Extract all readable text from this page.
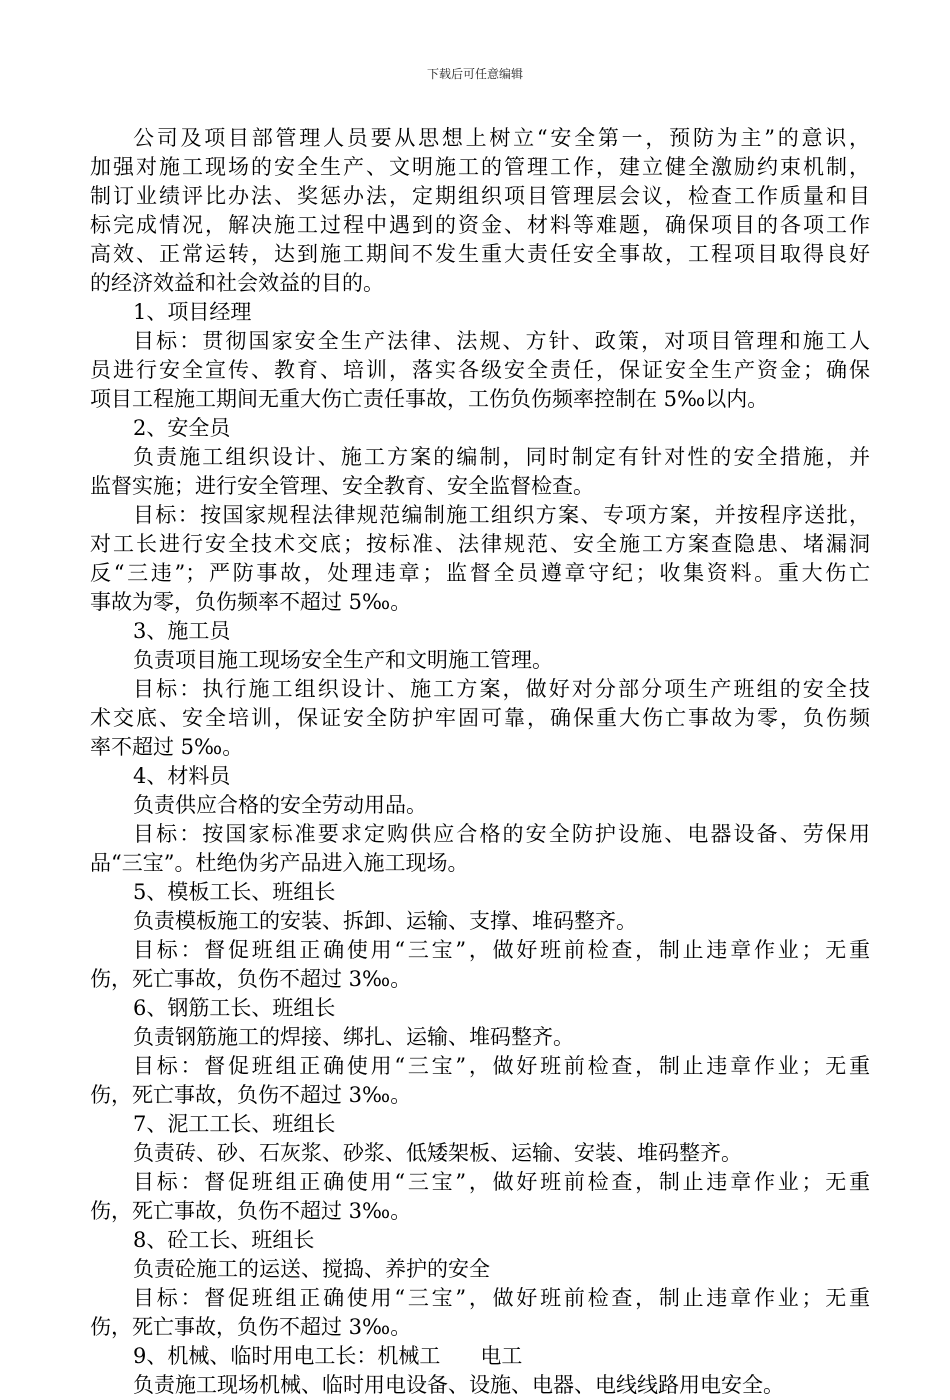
下载后可任意编辑
公司及项目部管理人员要从思想上树立“安全第一，预防为主”的意识，
加强对施工现场的安全生产、文明施工的管理工作，建立健全激励约束机制，
制订业绩评比办法、奖惩办法，定期组织项目管理层会议，检查工作质量和目
标完成情况，解决施工过程中遇到的资金、材料等难题，确保项目的各项工作
高效、正常运转，达到施工期间不发生重大责任安全事故，工程项目取得良好
的经济效益和社会效益的目的。
1、项目经理
目标：贯彻国家安全生产法律、法规、方针、政策，对项目管理和施工人
员进行安全宣传、教育、培训，落实各级安全责任，保证安全生产资金；确保
项目工程施工期间无重大伤亡责任事故，工伤负伤频率控制在 5‰以内。
2、安全员
负责施工组织设计、施工方案的编制，同时制定有针对性的安全措施，并
监督实施；进行安全管理、安全教育、安全监督检查。
目标：按国家规程法律规范编制施工组织方案、专项方案，并按程序送批，
对工长进行安全技术交底；按标准、法律规范、安全施工方案查隐患、堵漏洞
反“三违”；严防事故，处理违章；监督全员遵章守纪；收集资料。重大伤亡
事故为零，负伤频率不超过 5‰。
3、施工员
负责项目施工现场安全生产和文明施工管理。
目标：执行施工组织设计、施工方案，做好对分部分项生产班组的安全技
术交底、安全培训，保证安全防护牢固可靠，确保重大伤亡事故为零，负伤频
率不超过 5‰。
4、材料员
负责供应合格的安全劳动用品。
目标：按国家标准要求定购供应合格的安全防护设施、电器设备、劳保用
品“三宝”。杜绝伪劣产品进入施工现场。
5、模板工长、班组长
负责模板施工的安装、拆卸、运输、支撑、堆码整齐。
目标：督促班组正确使用“三宝”，做好班前检查，制止违章作业；无重
伤，死亡事故，负伤不超过 3‰。
6、钢筋工长、班组长
负责钢筋施工的焊接、绑扎、运输、堆码整齐。
目标：督促班组正确使用“三宝”，做好班前检查，制止违章作业；无重
伤，死亡事故，负伤不超过 3‰。
7、泥工工长、班组长
负责砖、砂、石灰浆、砂浆、低矮架板、运输、安装、堆码整齐。
目标：督促班组正确使用“三宝”，做好班前检查，制止违章作业；无重
伤，死亡事故，负伤不超过 3‰。
8、砼工长、班组长
负责砼施工的运送、搅捣、养护的安全
目标：督促班组正确使用“三宝”，做好班前检查，制止违章作业；无重
伤，死亡事故，负伤不超过 3‰。
9、机械、临时用电工长：机械工      电工
负责施工现场机械、临时用电设备、设施、电器、电线线路用电安全。
